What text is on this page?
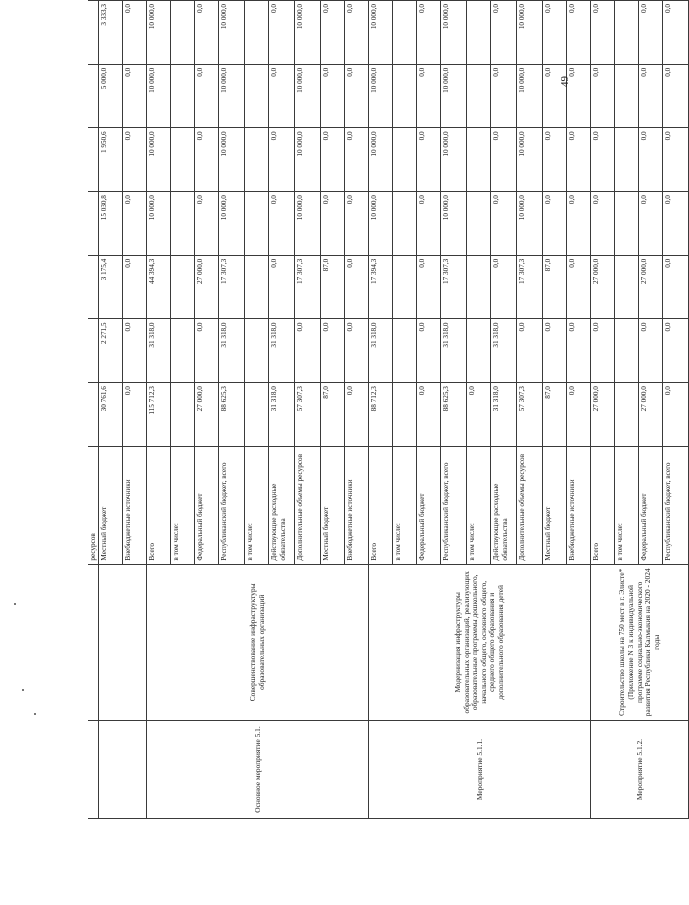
		ресурсов							
		Местный бюджет	30 761,6	2 271,5	3 175,4	15 030,8	1 950,6	5 000,0	3 333,3
		Внебюджетные источники	0,0	0,0	0,0	0,0	0,0	0,0	0,0
Основное мероприятие 5.1.	Совершенствование инфраструктуры образовательных организаций	Всего	115 712,3	31 318,0	44 394,3	10 000,0	10 000,0	10 000,0	10 000,0
		в том числе:							
		Федеральный бюджет	27 000,0	0,0	27 000,0	0,0	0,0	0,0	0,0
		Республиканский бюджет, всего	88 625,3	31 318,0	17 307,3	10 000,0	10 000,0	10 000,0	10 000,0
		в том числе:							
		Действующие расходные обязательства	31 318,0	31 318,0	0,0	0,0	0,0	0,0	0,0
		Дополнительные объемы ресурсов	57 307,3	0,0	17 307,3	10 000,0	10 000,0	10 000,0	10 000,0
		Местный бюджет	87,0	0,0	87,0	0,0	0,0	0,0	0,0
		Внебюджетные источники	0,0	0,0	0,0	0,0	0,0	0,0	0,0
Мероприятие 5.1.1.	Модернизация инфраструктуры образовательных организаций, реализующих образовательные программы дошкольного, начального общего, основного общего, среднего общего образования и дополнительного образования детей	Всего	88 712,3	31 318,0	17 394,3	10 000,0	10 000,0	10 000,0	10 000,0
		в том числе:							
		Федеральный бюджет	0,0	0,0	0,0	0,0	0,0	0,0	0,0
		Республиканский бюджет, всего	88 625,3	31 318,0	17 307,3	10 000,0	10 000,0	10 000,0	10 000,0
		в том числе:	0,0						
		Действующие расходные обязательства	31 318,0	31 318,0	0,0	0,0	0,0	0,0	0,0
		Дополнительные объемы ресурсов	57 307,3	0,0	17 307,3	10 000,0	10 000,0	10 000,0	10 000,0
		Местный бюджет	87,0	0,0	87,0	0,0	0,0	0,0	0,0
		Внебюджетные источники	0,0	0,0	0,0	0,0	0,0	0,0	0,0
Мероприятие 5.1.2.	Строительство школы на 750 мест в г. Элисте* (Приложение N 3 к индивидуальной программе социально-экономического развития Республики Калмыкия на 2020 - 2024 годы	Всего	27 000,0	0,0	27 000,0	0,0	0,0	0,0	0,0
		в том числе:							
		Федеральный бюджет	27 000,0	0,0	27 000,0	0,0	0,0	0,0	0,0
		Республиканский бюджет, всего	0,0	0,0	0,0	0,0	0,0	0,0	0,0
49
